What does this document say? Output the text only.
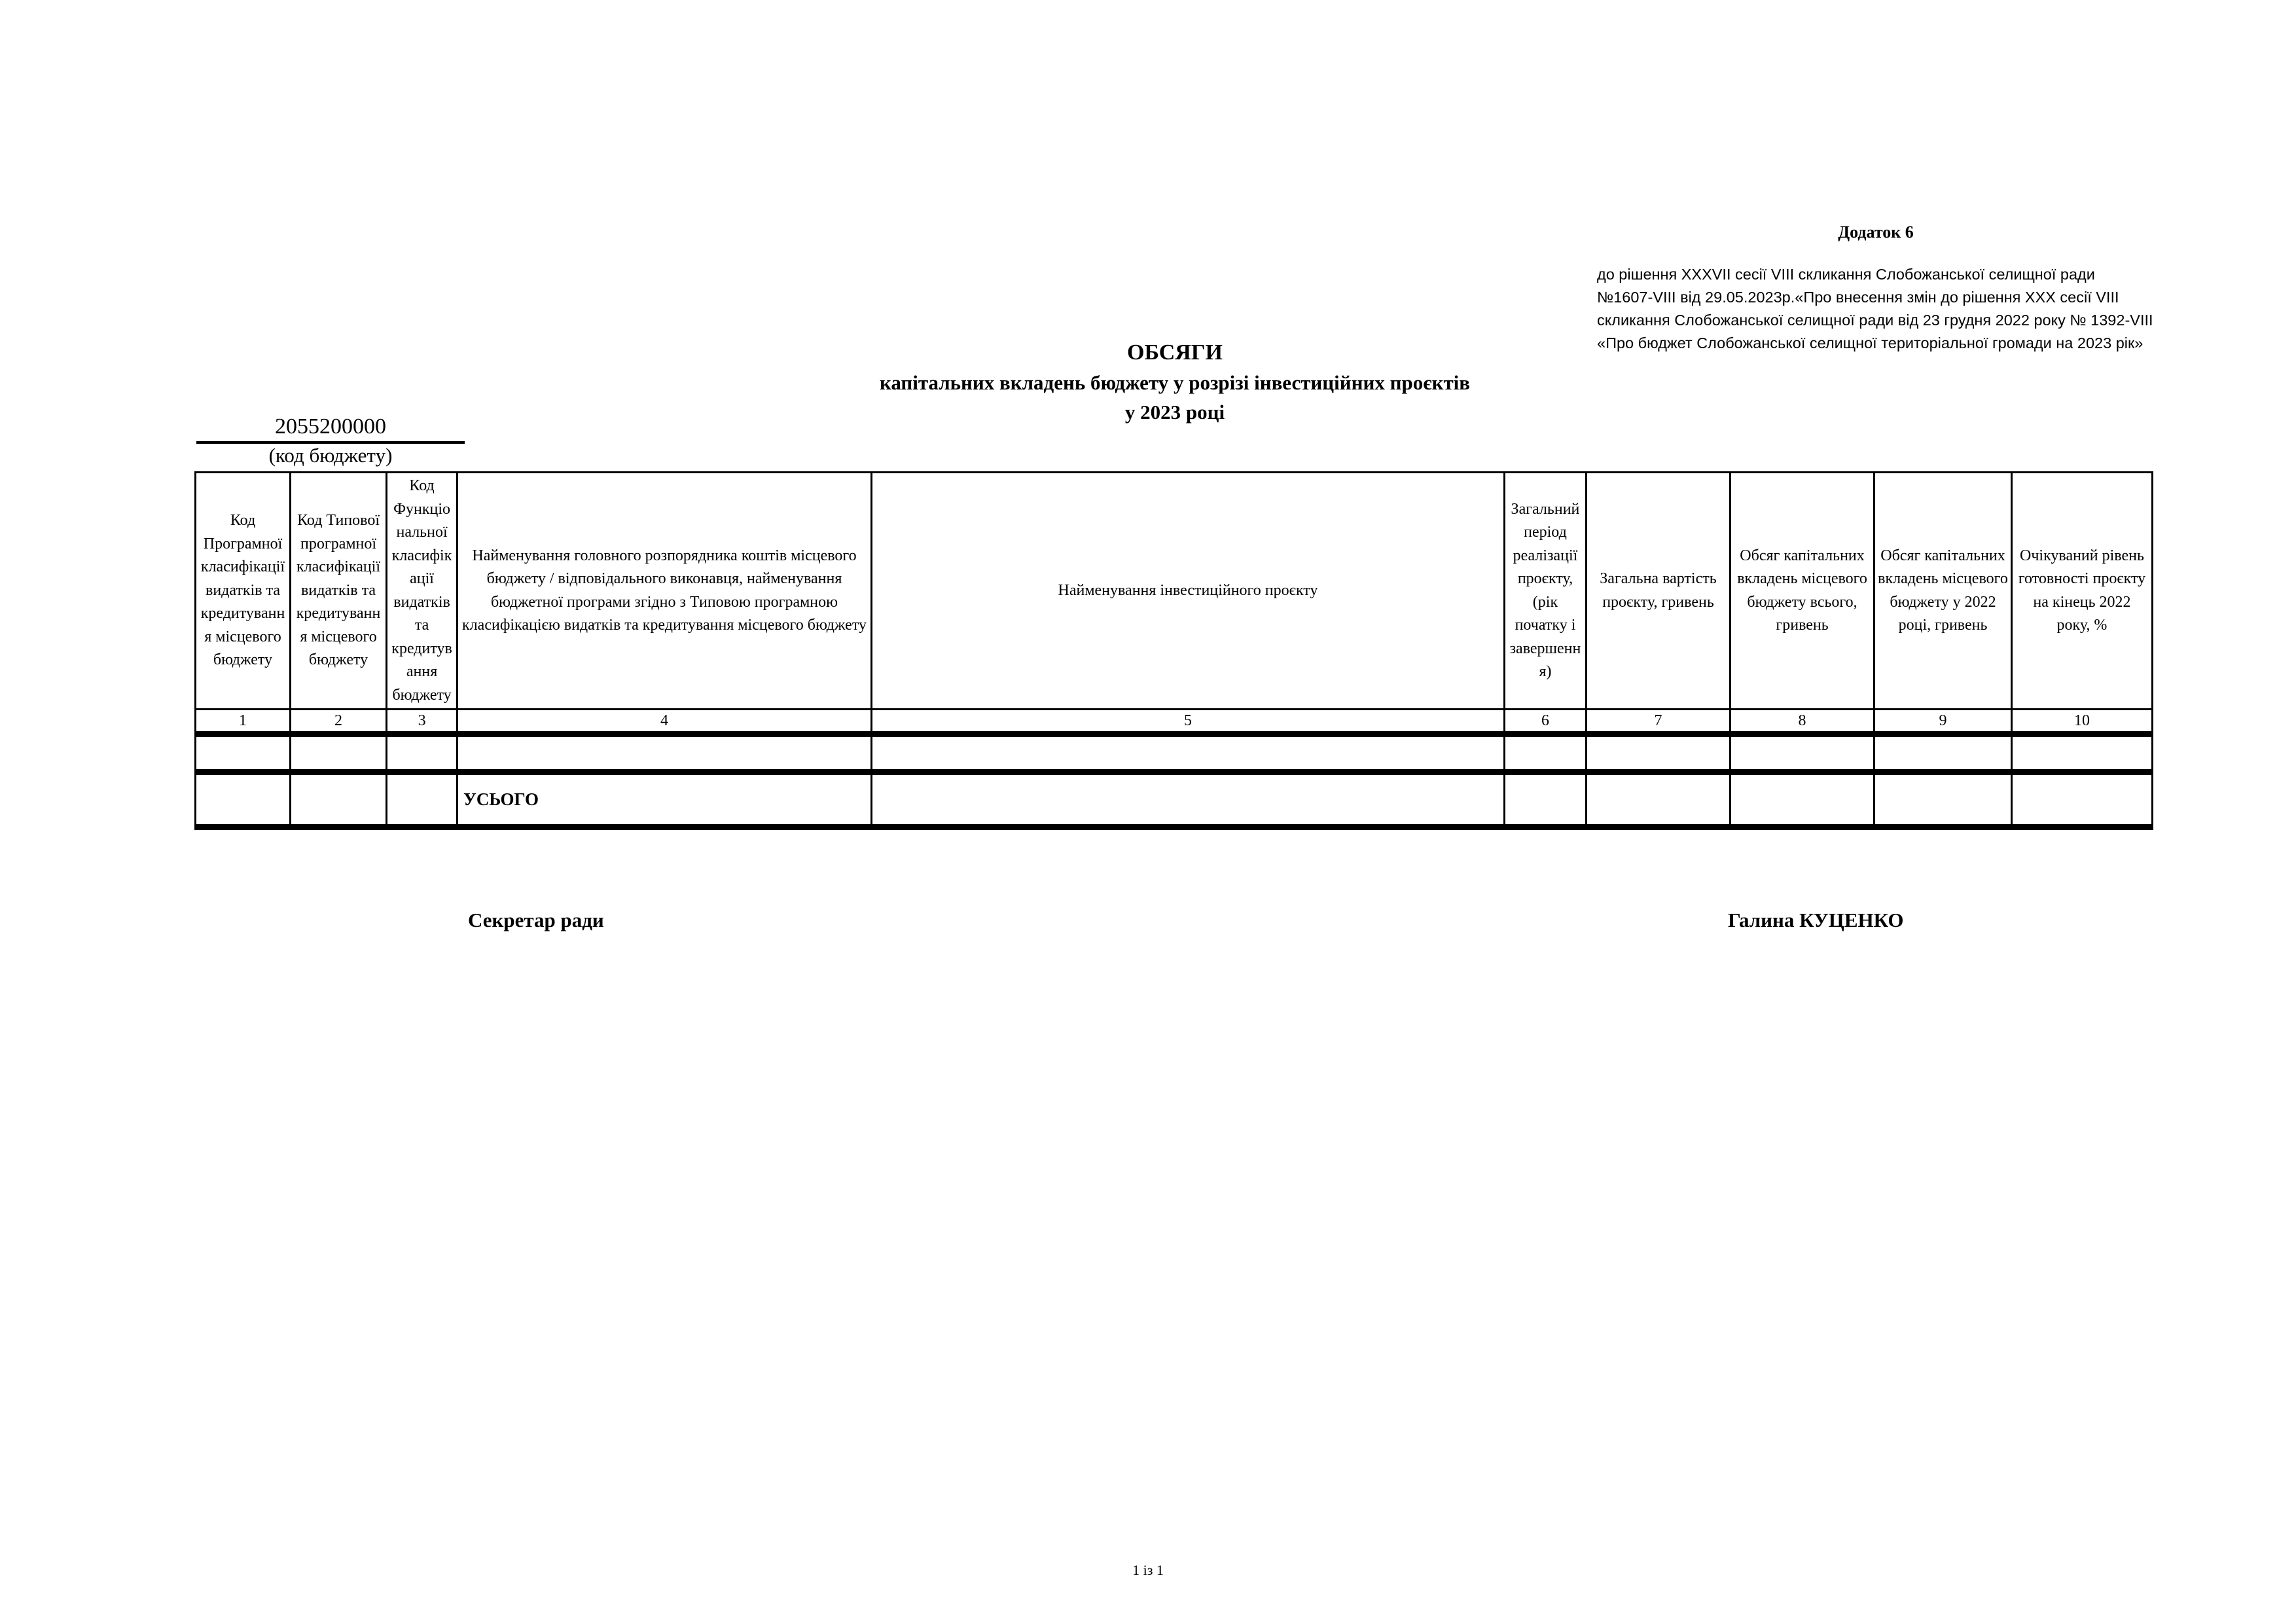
Додаток 6
до рішення XXXVII сесії VIII скликання Слобожанської селищної ради №1607-VIII від 29.05.2023р.«Про внесення змін до рішення XXX сесії VIII скликання Слобожанської селищної ради від 23 грудня 2022 року № 1392-VIII «Про бюджет Слобожанської селищної територіальної громади на 2023 рік»
ОБСЯГИ
капітальних вкладень бюджету у розрізі інвестиційних проєктів
у 2023 році
2055200000
(код бюджету)
Код Програмної класифікації видатків та кредитування місцевого бюджету	Код Типової програмної класифікації видатків та кредитування місцевого бюджету	Код Функціональної класифікації видатків та кредитування бюджету	Найменування головного розпорядника коштів місцевого бюджету / відповідального виконавця, найменування бюджетної програми згідно з Типовою програмною класифікацією видатків та кредитування місцевого бюджету	Найменування інвестиційного проєкту	Загальний період реалізації проєкту, (рік початку і завершення)	Загальна вартість проєкту, гривень	Обсяг капітальних вкладень місцевого бюджету всього, гривень	Обсяг капітальних вкладень місцевого бюджету у 2022 році, гривень	Очікуваний рівень готовності проєкту на кінець 2022 року, %
1	2	3	4	5	6	7	8	9	10

			УСЬОГО						
Секретар ради	Галина КУЦЕНКО
1 із 1
